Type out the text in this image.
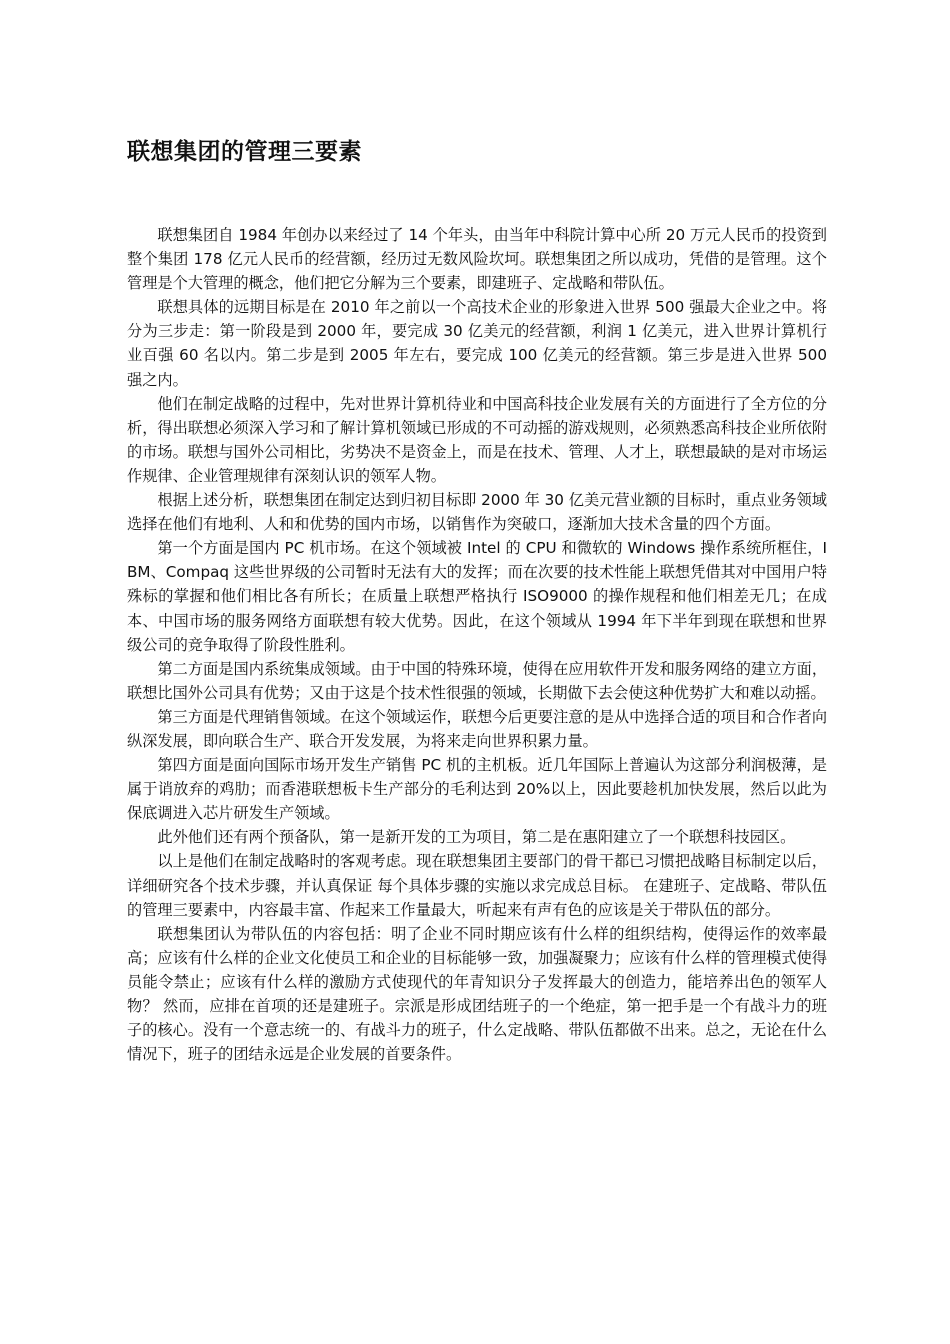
联想集团的管理三要素

联想集团自 1984 年创办以来经过了 14 个年头，由当年中科院计算中心所 20 万元人民币的投资到整个集团 178 亿元人民币的经营额，经历过无数风险坎坷。联想集团之所以成功，凭借的是管理。这个管理是个大管理的概念，他们把它分解为三个要素，即建班子、定战略和带队伍。

联想具体的远期目标是在 2010 年之前以一个高技术企业的形象进入世界 500 强最大企业之中。将分为三步走：第一阶段是到 2000 年，要完成 30 亿美元的经营额，利润 1 亿美元，进入世界计算机行业百强 60 名以内。第二步是到 2005 年左右，要完成 100 亿美元的经营额。第三步是进入世界 500 强之内。

他们在制定战略的过程中，先对世界计算机待业和中国高科技企业发展有关的方面进行了全方位的分析，得出联想必须深入学习和了解计算机领域已形成的不可动摇的游戏规则，必须熟悉高科技企业所依附的市场。联想与国外公司相比，劣势决不是资金上，而是在技术、管理、人才上，联想最缺的是对市场运作规律、企业管理规律有深刻认识的领军人物。

根据上述分析，联想集团在制定达到归初目标即 2000 年 30 亿美元营业额的目标时，重点业务领域选择在他们有地利、人和和优势的国内市场，以销售作为突破口，逐渐加大技术含量的四个方面。

第一个方面是国内 PC 机市场。在这个领域被 Intel 的 CPU 和微软的 Windows 操作系统所框住，IBM、Compaq 这些世界级的公司暂时无法有大的发挥；而在次要的技术性能上联想凭借其对中国用户特殊标的掌握和他们相比各有所长；在质量上联想严格执行 ISO9000 的操作规程和他们相差无几；在成本、中国市场的服务网络方面联想有较大优势。因此，在这个领域从 1994 年下半年到现在联想和世界级公司的竞争取得了阶段性胜利。

第二方面是国内系统集成领域。由于中国的特殊环境，使得在应用软件开发和服务网络的建立方面，联想比国外公司具有优势；又由于这是个技术性很强的领域，长期做下去会使这种优势扩大和难以动摇。

第三方面是代理销售领域。在这个领域运作，联想今后更要注意的是从中选择合适的项目和合作者向纵深发展，即向联合生产、联合开发发展，为将来走向世界积累力量。

第四方面是面向国际市场开发生产销售 PC 机的主机板。近几年国际上普遍认为这部分利润极薄，是属于诮放弃的鸡肋；而香港联想板卡生产部分的毛利达到 20%以上，因此要趁机加快发展，然后以此为保底调进入芯片研发生产领域。

此外他们还有两个预备队，第一是新开发的工为项目，第二是在惠阳建立了一个联想科技园区。

以上是他们在制定战略时的客观考虑。现在联想集团主要部门的骨干都已习惯把战略目标制定以后，详细研究各个技术步骤，并认真保证 每个具体步骤的实施以求完成总目标。 在建班子、定战略、带队伍的管理三要素中，内容最丰富、作起来工作量最大，听起来有声有色的应该是关于带队伍的部分。

联想集团认为带队伍的内容包括：明了企业不同时期应该有什么样的组织结构，使得运作的效率最高；应该有什么样的企业文化使员工和企业的目标能够一致，加强凝聚力；应该有什么样的管理模式使得员能令禁止；应该有什么样的激励方式使现代的年青知识分子发挥最大的创造力，能培养出色的领军人物？ 然而，应排在首项的还是建班子。宗派是形成团结班子的一个绝症，第一把手是一个有战斗力的班子的核心。没有一个意志统一的、有战斗力的班子，什么定战略、带队伍都做不出来。总之，无论在什么情况下，班子的团结永远是企业发展的首要条件。
